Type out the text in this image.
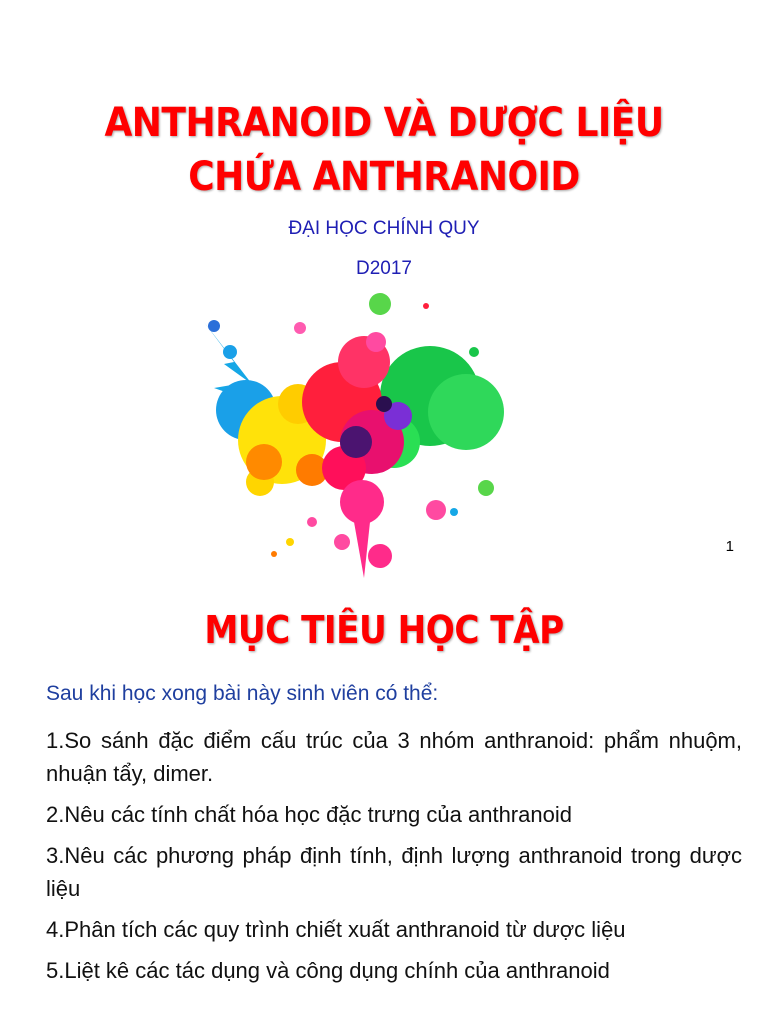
ANTHRANOID VÀ DƯỢC LIỆU
CHỨA ANTHRANOID

ĐẠI HỌC CHÍNH QUY

D2017

1
MỤC TIÊU HỌC TẬP

Sau khi học xong bài này sinh viên có thể:

1.So sánh đặc điểm cấu trúc của 3 nhóm anthranoid: phẩm nhuộm, nhuận tẩy, dimer.
2.Nêu các tính chất hóa học đặc trưng của anthranoid
3.Nêu các phương pháp định tính, định lượng anthranoid trong dược liệu
4.Phân tích các quy trình chiết xuất anthranoid từ dược liệu
5.Liệt kê các tác dụng và công dụng chính của anthranoid
